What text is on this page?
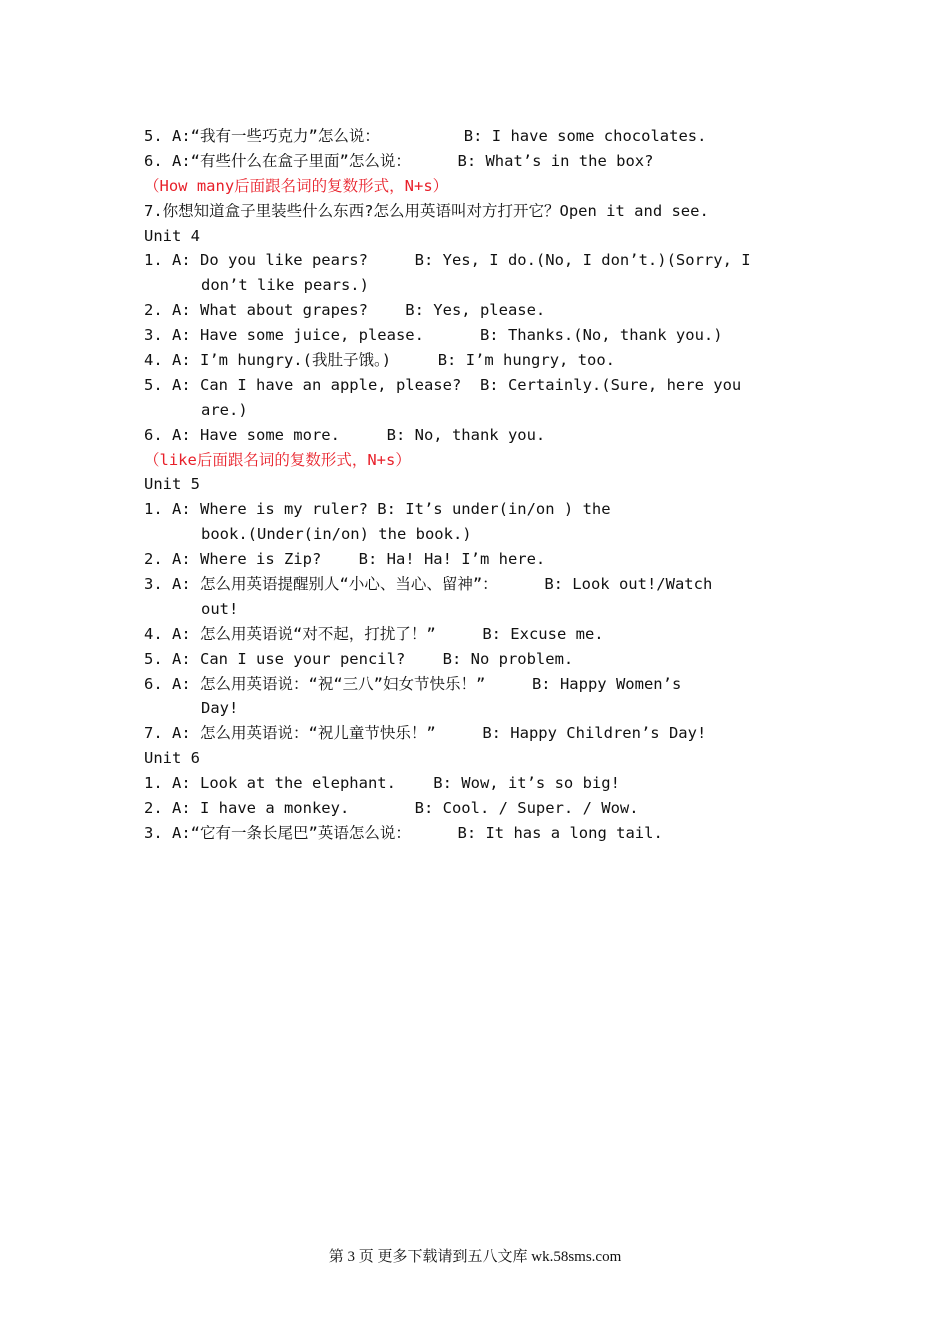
5. A:“我有一些巧克力”怎么说：         B: I have some chocolates.
6. A:“有些什么在盒子里面”怎么说：     B: What’s in the box?
（How many后面跟名词的复数形式，N+s）
7.你想知道盒子里装些什么东西?怎么用英语叫对方打开它？Open it and see.
Unit 4
1. A: Do you like pears?     B: Yes, I do.(No, I don’t.)(Sorry, I
don’t like pears.)
2. A: What about grapes?    B: Yes, please.
3. A: Have some juice, please.      B: Thanks.(No, thank you.)
4. A: I’m hungry.(我肚子饿。)     B: I’m hungry, too.
5. A: Can I have an apple, please?  B: Certainly.(Sure, here you
are.)
6. A: Have some more.     B: No, thank you.
（like后面跟名词的复数形式，N+s）
Unit 5
1. A: Where is my ruler? B: It’s under(in/on ) the
book.(Under(in/on) the book.)
2. A: Where is Zip?    B: Ha! Ha! I’m here.
3. A: 怎么用英语提醒别人“小心、当心、留神”：     B: Look out!/Watch
out!
4. A: 怎么用英语说“对不起，打扰了！”     B: Excuse me.
5. A: Can I use your pencil?    B: No problem.
6. A: 怎么用英语说：“祝“三八”妇女节快乐！”     B: Happy Women’s
Day!
7. A: 怎么用英语说：“祝儿童节快乐！”     B: Happy Children’s Day!
Unit 6
1. A: Look at the elephant.    B: Wow, it’s so big!
2. A: I have a monkey.       B: Cool. / Super. / Wow.
3. A:“它有一条长尾巴”英语怎么说：     B: It has a long tail.
第 3 页 更多下载请到五八文库 wk.58sms.com
